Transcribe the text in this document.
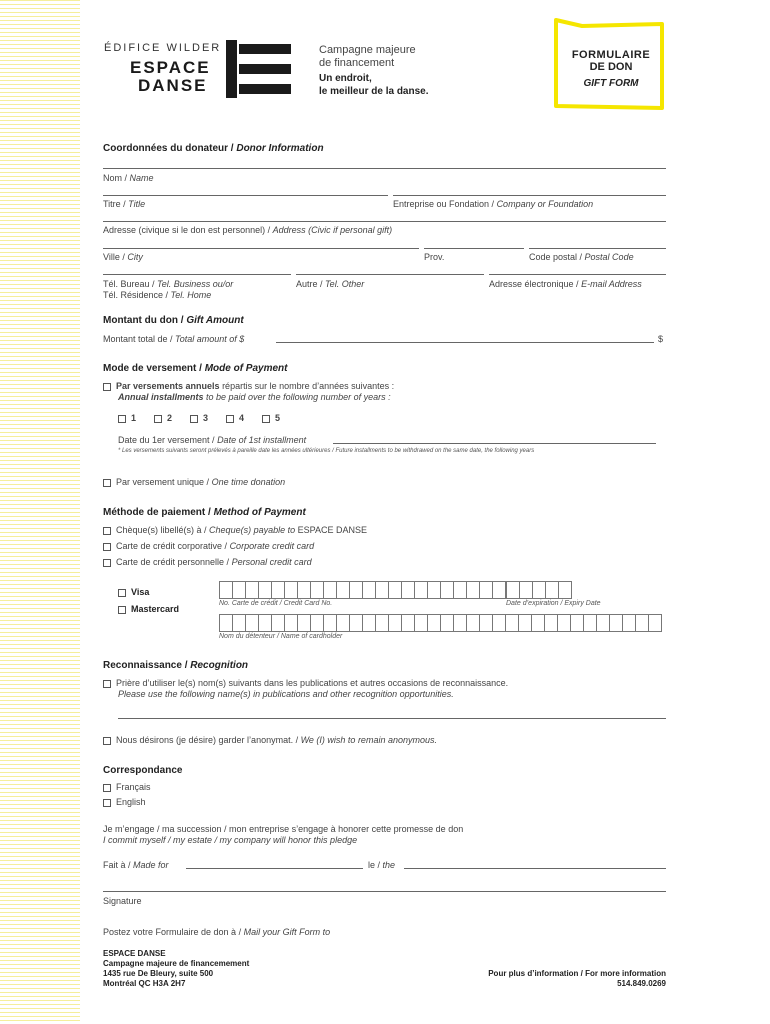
ÉDIFICE WILDER
ESPACE
DANSE
Campagne majeure
de financement
Un endroit,
le meilleur de la danse.
FORMULAIRE
DE DON
GIFT FORM
Coordonnées du donateur / Donor Information
Nom / Name
Titre / Title	Entreprise ou Fondation / Company or Foundation
Adresse (civique si le don est personnel) / Address (Civic if personal gift)
Ville / City	Prov.	Code postal / Postal Code
Tél. Bureau / Tel. Business ou/or
Tél. Résidence / Tel. Home
Autre / Tel. Other	Adresse électronique / E-mail Address
Montant du don / Gift Amount
Montant total de / Total amount of $	$
Mode de versement / Mode of Payment
Par versements annuels répartis sur le nombre d’années suivantes :
Annual installments to be paid over the following number of years :
1	2	3	4	5
Date du 1er versement / Date of 1st installment
* Les versements suivants seront prélevés à pareille date les années ultérieures / Future installments to be withdrawed on the same date, the following years
Par versement unique / One time donation
Méthode de paiement / Method of Payment
Chèque(s) libellé(s) à / Cheque(s) payable to ESPACE DANSE
Carte de crédit corporative / Corporate credit card
Carte de crédit personnelle / Personal credit card
Visa
Mastercard
No. Carte de crédit / Credit Card No.	Date d’expiration / Expiry Date
Nom du détenteur / Name of cardholder
Reconnaissance / Recognition
Prière d’utiliser le(s) nom(s) suivants dans les publications et autres occasions de reconnaissance.
Please use the following name(s) in publications and other recognition opportunities.
Nous désirons (je désire) garder l’anonymat. / We (I) wish to remain anonymous.
Correspondance
Français
English
Je m’engage / ma succession / mon entreprise s’engage à honorer cette promesse de don
I commit myself / my estate / my company will honor this pledge
Fait à / Made for	le / the
Signature
Postez votre Formulaire de don à / Mail your Gift Form to
ESPACE DANSE
Campagne majeure de financemement
1435 rue De Bleury, suite 500
Montréal QC H3A 2H7
Pour plus d’information / For more information
514.849.0269
